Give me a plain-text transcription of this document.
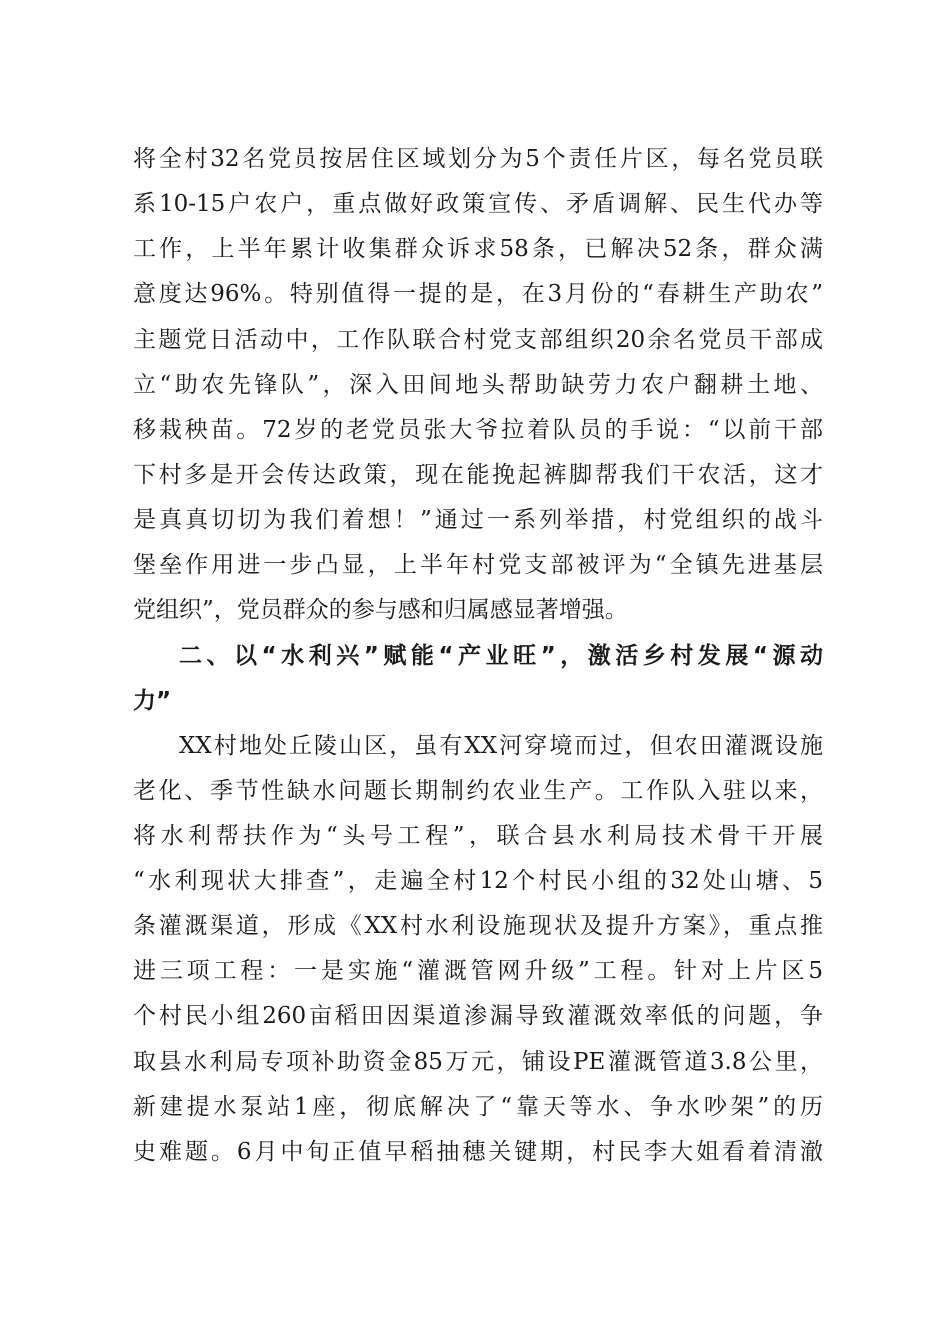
将全村32名党员按居住区域划分为5个责任片区，每名党员联
系10-15户农户，重点做好政策宣传、矛盾调解、民生代办等
工作，上半年累计收集群众诉求58条，已解决52条，群众满
意度达96%。特别值得一提的是，在3月份的“春耕生产助农”
主题党日活动中，工作队联合村党支部组织20余名党员干部成
立“助农先锋队”，深入田间地头帮助缺劳力农户翻耕土地、
移栽秧苗。72岁的老党员张大爷拉着队员的手说：“以前干部
下村多是开会传达政策，现在能挽起裤脚帮我们干农活，这才
是真真切切为我们着想！”通过一系列举措，村党组织的战斗
堡垒作用进一步凸显，上半年村党支部被评为“全镇先进基层
党组织”，党员群众的参与感和归属感显著增强。
二、以“水利兴”赋能“产业旺”，激活乡村发展“源动
力”
XX村地处丘陵山区，虽有XX河穿境而过，但农田灌溉设施
老化、季节性缺水问题长期制约农业生产。工作队入驻以来，
将水利帮扶作为“头号工程”，联合县水利局技术骨干开展
“水利现状大排查”，走遍全村12个村民小组的32处山塘、5
条灌溉渠道，形成《XX村水利设施现状及提升方案》，重点推
进三项工程：一是实施“灌溉管网升级”工程。针对上片区5
个村民小组260亩稻田因渠道渗漏导致灌溉效率低的问题，争
取县水利局专项补助资金85万元，铺设PE灌溉管道3.8公里，
新建提水泵站1座，彻底解决了“靠天等水、争水吵架”的历
史难题。6月中旬正值早稻抽穗关键期，村民李大姐看着清澈
